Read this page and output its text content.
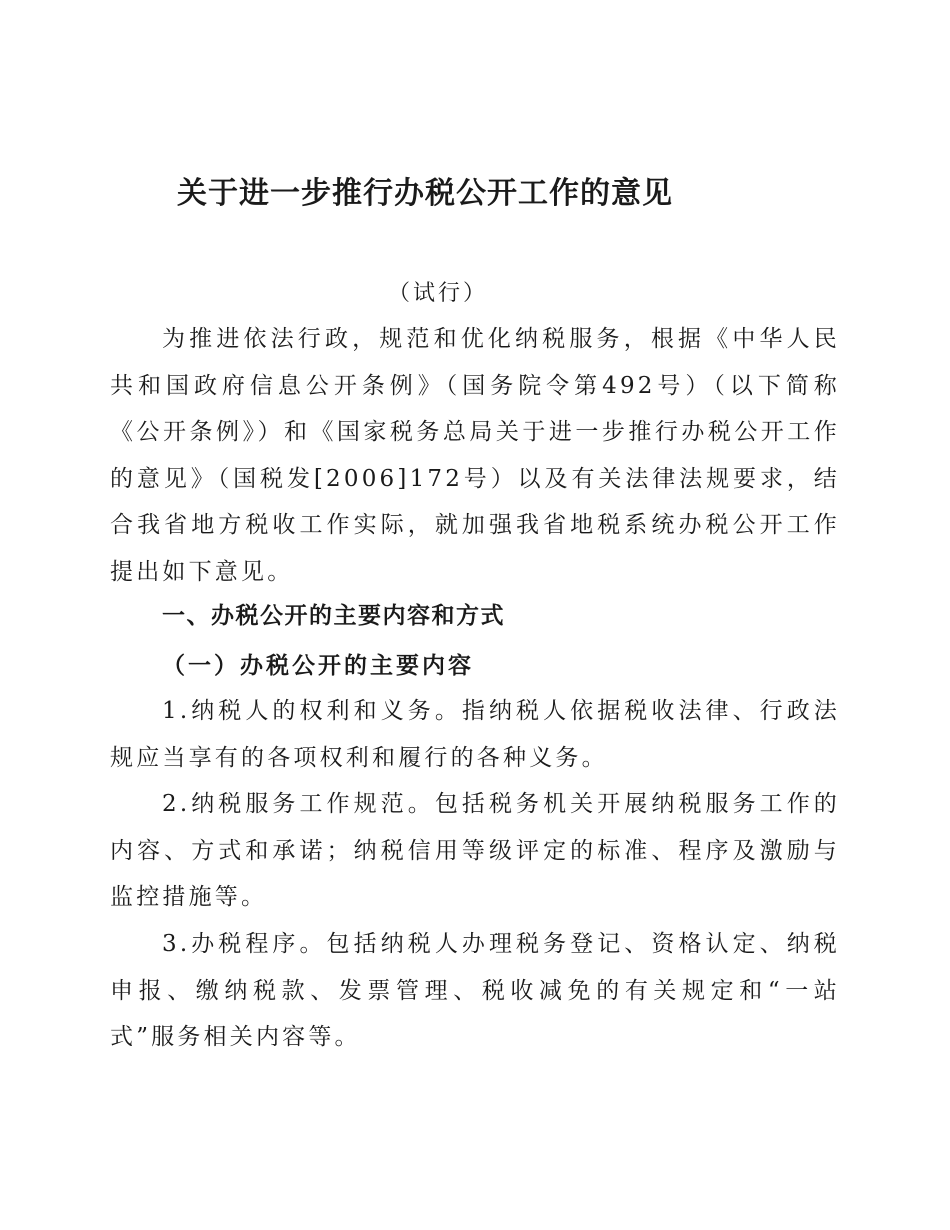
关于进一步推行办税公开工作的意见

（试行）

为推进依法行政，规范和优化纳税服务，根据《中华人民共和国政府信息公开条例》（国务院令第492号）（以下简称《公开条例》）和《国家税务总局关于进一步推行办税公开工作的意见》（国税发[2006]172号）以及有关法律法规要求，结合我省地方税收工作实际，就加强我省地税系统办税公开工作提出如下意见。

一、办税公开的主要内容和方式
（一）办税公开的主要内容

1.纳税人的权利和义务。指纳税人依据税收法律、行政法规应当享有的各项权利和履行的各种义务。

2.纳税服务工作规范。包括税务机关开展纳税服务工作的内容、方式和承诺；纳税信用等级评定的标准、程序及激励与监控措施等。

3.办税程序。包括纳税人办理税务登记、资格认定、纳税申报、缴纳税款、发票管理、税收减免的有关规定和“一站式”服务相关内容等。
